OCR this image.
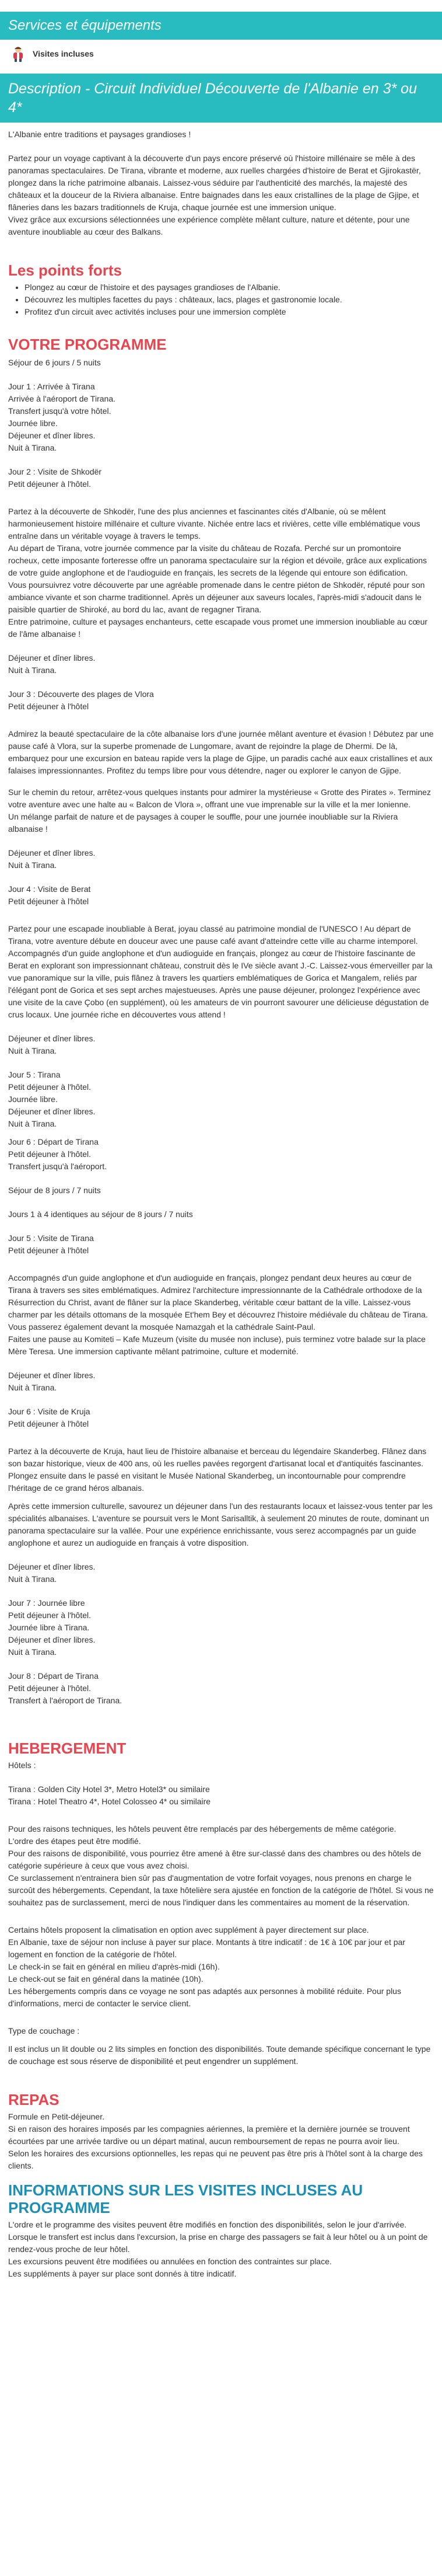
Services et équipements
Visites incluses
Description - Circuit Individuel Découverte de l'Albanie en 3* ou 4*

L'Albanie entre traditions et paysages grandioses !

Partez pour un voyage captivant à la découverte d'un pays encore préservé où l'histoire millénaire se mêle à des panoramas spectaculaires. De Tirana, vibrante et moderne, aux ruelles chargées d'histoire de Berat et Gjirokastër, plongez dans la riche patrimoine albanais. Laissez-vous séduire par l'authenticité des marchés, la majesté des châteaux et la douceur de la Riviera albanaise. Entre baignades dans les eaux cristallines de la plage de Gjipe, et flâneries dans les bazars traditionnels de Kruja, chaque journée est une immersion unique.

Vivez grâce aux excursions sélectionnées une expérience complète mêlant culture, nature et détente, pour une aventure inoubliable au cœur des Balkans.

Les points forts
• Plongez au cœur de l'histoire et des paysages grandioses de l'Albanie.
• Découvrez les multiples facettes du pays : châteaux, lacs, plages et gastronomie locale.
• Profitez d'un circuit avec activités incluses pour une immersion complète
VOTRE PROGRAMME

Séjour de 6 jours / 5 nuits

Jour 1 : Arrivée à Tirana

Arrivée à l'aéroport de Tirana.

Transfert jusqu'à votre hôtel.

Journée libre.

Déjeuner et dîner libres.

Nuit à Tirana.

Jour 2 : Visite de Shkodër

Petit déjeuner à l'hôtel.

Partez à la découverte de Shkodër, l'une des plus anciennes et fascinantes cités d'Albanie, où se mêlent harmonieusement histoire millénaire et culture vivante. Nichée entre lacs et rivières, cette ville emblématique vous entraîne dans un véritable voyage à travers le temps.

Au départ de Tirana, votre journée commence par la visite du château de Rozafa. Perché sur un promontoire rocheux, cette imposante forteresse offre un panorama spectaculaire sur la région et dévoile, grâce aux explications de votre guide anglophone et de l'audioguide en français, les secrets de la légende qui entoure son édification.

Vous poursuivrez votre découverte par une agréable promenade dans le centre piéton de Shkodër, réputé pour son ambiance vivante et son charme traditionnel. Après un déjeuner aux saveurs locales, l'après-midi s'adoucit dans le paisible quartier de Shiroké, au bord du lac, avant de regagner Tirana.

Entre patrimoine, culture et paysages enchanteurs, cette escapade vous promet une immersion inoubliable au cœur de l'âme albanaise !

Déjeuner et dîner libres.

Nuit à Tirana.

Jour 3 : Découverte des plages de Vlora

Petit déjeuner à l'hôtel

Admirez la beauté spectaculaire de la côte albanaise lors d'une journée mêlant aventure et évasion ! Débutez par une pause café à Vlora, sur la superbe promenade de Lungomare, avant de rejoindre la plage de Dhermi. De là, embarquez pour une excursion en bateau rapide vers la plage de Gjipe, un paradis caché aux eaux cristallines et aux falaises impressionnantes. Profitez du temps libre pour vous détendre, nager ou explorer le canyon de Gjipe.

Sur le chemin du retour, arrêtez-vous quelques instants pour admirer la mystérieuse « Grotte des Pirates ». Terminez votre aventure avec une halte au « Balcon de Vlora », offrant une vue imprenable sur la ville et la mer Ionienne.

Un mélange parfait de nature et de paysages à couper le souffle, pour une journée inoubliable sur la Riviera albanaise !

Déjeuner et dîner libres.

Nuit à Tirana.

Jour 4 : Visite de Berat

Petit déjeuner à l'hôtel

Partez pour une escapade inoubliable à Berat, joyau classé au patrimoine mondial de l'UNESCO ! Au départ de Tirana, votre aventure débute en douceur avec une pause café avant d'atteindre cette ville au charme intemporel. Accompagnés d'un guide anglophone et d'un audioguide en français, plongez au cœur de l'histoire fascinante de Berat en explorant son impressionnant château, construit dès le IVe siècle avant J.-C. Laissez-vous émerveiller par la vue panoramique sur la ville, puis flânez à travers les quartiers emblématiques de Gorica et Mangalem, reliés par l'élégant pont de Gorica et ses sept arches majestueuses. Après une pause déjeuner, prolongez l'expérience avec une visite de la cave Çobo (en supplément), où les amateurs de vin pourront savourer une délicieuse dégustation de crus locaux. Une journée riche en découvertes vous attend !

Déjeuner et dîner libres.

Nuit à Tirana.

Jour 5 : Tirana

Petit déjeuner à l'hôtel.

Journée libre.

Déjeuner et dîner libres.

Nuit à Tirana.

Jour 6 : Départ de Tirana

Petit déjeuner à l'hôtel.

Transfert jusqu'à l'aéroport.

Séjour de 8 jours / 7 nuits

Jours 1 à 4 identiques au séjour de 8 jours / 7 nuits

Jour 5 : Visite de Tirana

Petit déjeuner à l'hôtel

Accompagnés d'un guide anglophone et d'un audioguide en français, plongez pendant deux heures au cœur de Tirana à travers ses sites emblématiques. Admirez l'architecture impressionnante de la Cathédrale orthodoxe de la Résurrection du Christ, avant de flâner sur la place Skanderbeg, véritable cœur battant de la ville. Laissez-vous charmer par les détails ottomans de la mosquée Et'hem Bey et découvrez l'histoire médiévale du château de Tirana. Vous passerez également devant la mosquée Namazgah et la cathédrale Saint-Paul.

Faites une pause au Komiteti – Kafe Muzeum (visite du musée non incluse), puis terminez votre balade sur la place Mère Teresa. Une immersion captivante mêlant patrimoine, culture et modernité.

Déjeuner et dîner libres.

Nuit à Tirana.

Jour 6 : Visite de Kruja

Petit déjeuner à l'hôtel

Partez à la découverte de Kruja, haut lieu de l'histoire albanaise et berceau du légendaire Skanderbeg. Flânez dans son bazar historique, vieux de 400 ans, où les ruelles pavées regorgent d'artisanat local et d'antiquités fascinantes. Plongez ensuite dans le passé en visitant le Musée National Skanderbeg, un incontournable pour comprendre l'héritage de ce grand héros albanais.

Après cette immersion culturelle, savourez un déjeuner dans l'un des restaurants locaux et laissez-vous tenter par les spécialités albanaises. L'aventure se poursuit vers le Mont Sarisalltik, à seulement 20 minutes de route, dominant un panorama spectaculaire sur la vallée. Pour une expérience enrichissante, vous serez accompagnés par un guide anglophone et aurez un audioguide en français à votre disposition.

Déjeuner et dîner libres.

Nuit à Tirana.

Jour 7 : Journée libre

Petit déjeuner à l'hôtel.

Journée libre à Tirana.

Déjeuner et dîner libres.

Nuit à Tirana.

Jour 8 : Départ de Tirana

Petit déjeuner à l'hôtel.

Transfert à l'aéroport de Tirana.

HEBERGEMENT

Hôtels :

Tirana : Golden City Hotel 3*, Metro Hotel3* ou similaire

Tirana : Hotel Theatro 4*, Hotel Colosseo 4* ou similaire

Pour des raisons techniques, les hôtels peuvent être remplacés par des hébergements de même catégorie.

L'ordre des étapes peut être modifié.

Pour des raisons de disponibilité, vous pourriez être amené à être sur-classé dans des chambres ou des hôtels de catégorie supérieure à ceux que vous avez choisi.

Ce surclassement n'entrainera bien sûr pas d'augmentation de votre forfait voyages, nous prenons en charge le surcoût des hébergements. Cependant, la taxe hôtelière sera ajustée en fonction de la catégorie de l'hôtel. Si vous ne souhaitez pas de surclassement, merci de nous l'indiquer dans les commentaires au moment de la réservation.

Certains hôtels proposent la climatisation en option avec supplément à payer directement sur place.

En Albanie, taxe de séjour non incluse à payer sur place. Montants à titre indicatif : de 1€ à 10€ par jour et par logement en fonction de la catégorie de l'hôtel.

Le check-in se fait en général en milieu d'après-midi (16h).

Le check-out se fait en général dans la matinée (10h).

Les hébergements compris dans ce voyage ne sont pas adaptés aux personnes à mobilité réduite. Pour plus d'informations, merci de contacter le service client.

Type de couchage :

Il est inclus un lit double ou 2 lits simples en fonction des disponibilités. Toute demande spécifique concernant le type de couchage est sous réserve de disponibilité et peut engendrer un supplément.

REPAS

Formule en Petit-déjeuner.

Si en raison des horaires imposés par les compagnies aériennes, la première et la dernière journée se trouvent écourtées par une arrivée tardive ou un départ matinal, aucun remboursement de repas ne pourra avoir lieu.

Selon les horaires des excursions optionnelles, les repas qui ne peuvent pas être pris à l'hôtel sont à la charge des clients.

INFORMATIONS SUR LES VISITES INCLUSES AU PROGRAMME

L'ordre et le programme des visites peuvent être modifiés en fonction des disponibilités, selon le jour d'arrivée.

Lorsque le transfert est inclus dans l'excursion, la prise en charge des passagers se fait à leur hôtel ou à un point de rendez-vous proche de leur hôtel.

Les excursions peuvent être modifiées ou annulées en fonction des contraintes sur place.

Les suppléments à payer sur place sont donnés à titre indicatif.
